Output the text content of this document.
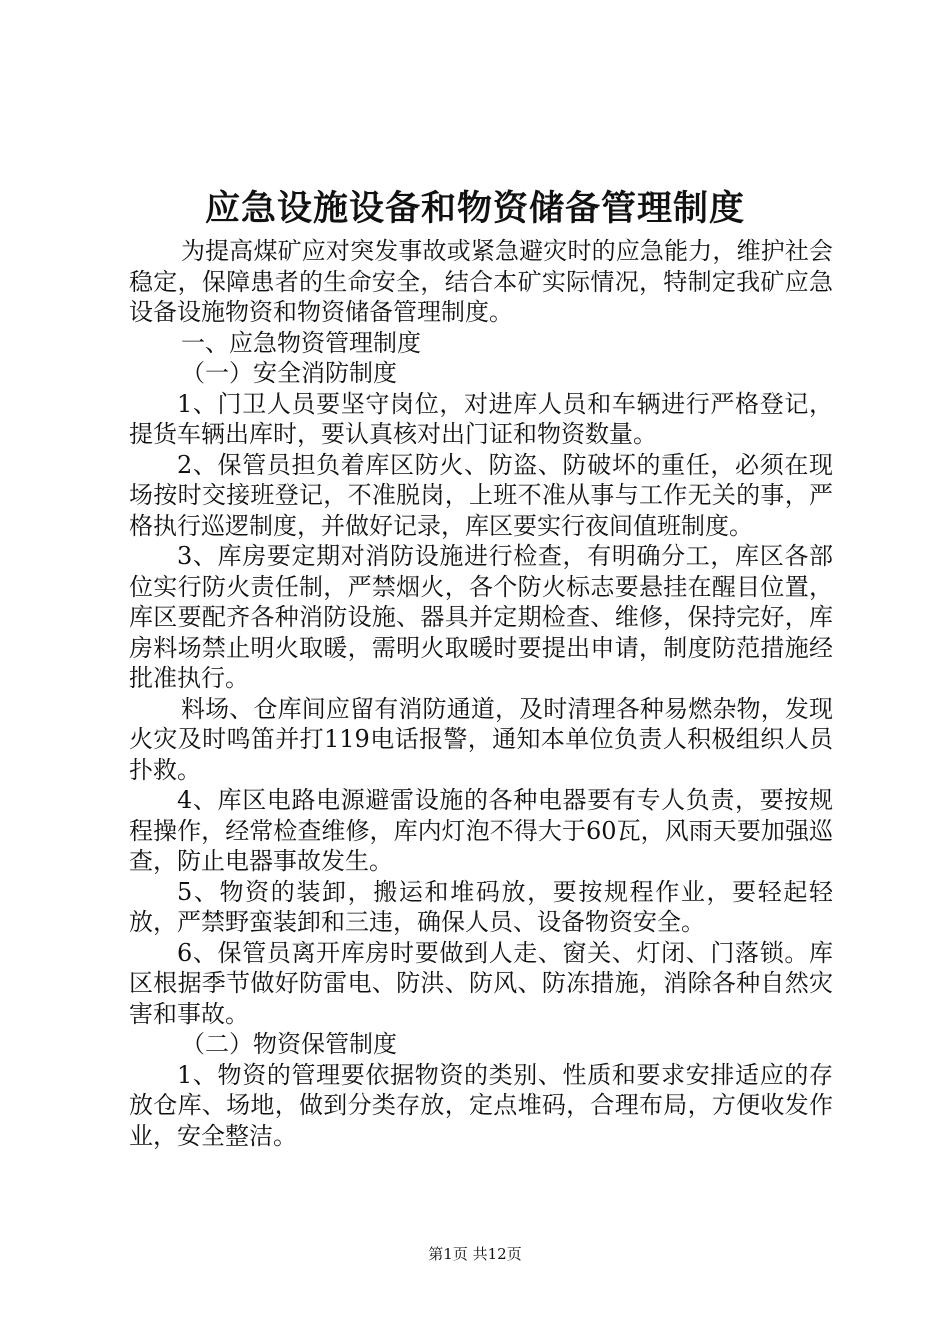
应急设施设备和物资储备管理制度

为提高煤矿应对突发事故或紧急避灾时的应急能力，维护社会稳定，保障患者的生命安全，结合本矿实际情况，特制定我矿应急设备设施物资和物资储备管理制度。

一、应急物资管理制度

（一）安全消防制度

1、门卫人员要坚守岗位，对进库人员和车辆进行严格登记，提货车辆出库时，要认真核对出门证和物资数量。

2、保管员担负着库区防火、防盗、防破坏的重任，必须在现场按时交接班登记，不准脱岗，上班不准从事与工作无关的事，严格执行巡逻制度，并做好记录，库区要实行夜间值班制度。

3、库房要定期对消防设施进行检查，有明确分工，库区各部位实行防火责任制，严禁烟火，各个防火标志要悬挂在醒目位置，库区要配齐各种消防设施、器具并定期检查、维修，保持完好，库房料场禁止明火取暖，需明火取暖时要提出申请，制度防范措施经批准执行。

料场、仓库间应留有消防通道，及时清理各种易燃杂物，发现火灾及时鸣笛并打119电话报警，通知本单位负责人积极组织人员扑救。

4、库区电路电源避雷设施的各种电器要有专人负责，要按规程操作，经常检查维修，库内灯泡不得大于60瓦，风雨天要加强巡查，防止电器事故发生。

5、物资的装卸，搬运和堆码放，要按规程作业，要轻起轻放，严禁野蛮装卸和三违，确保人员、设备物资安全。

6、保管员离开库房时要做到人走、窗关、灯闭、门落锁。库区根据季节做好防雷电、防洪、防风、防冻措施，消除各种自然灾害和事故。

（二）物资保管制度

1、物资的管理要依据物资的类别、性质和要求安排适应的存放仓库、场地，做到分类存放，定点堆码，合理布局，方便收发作业，安全整洁。

第1页 共12页
